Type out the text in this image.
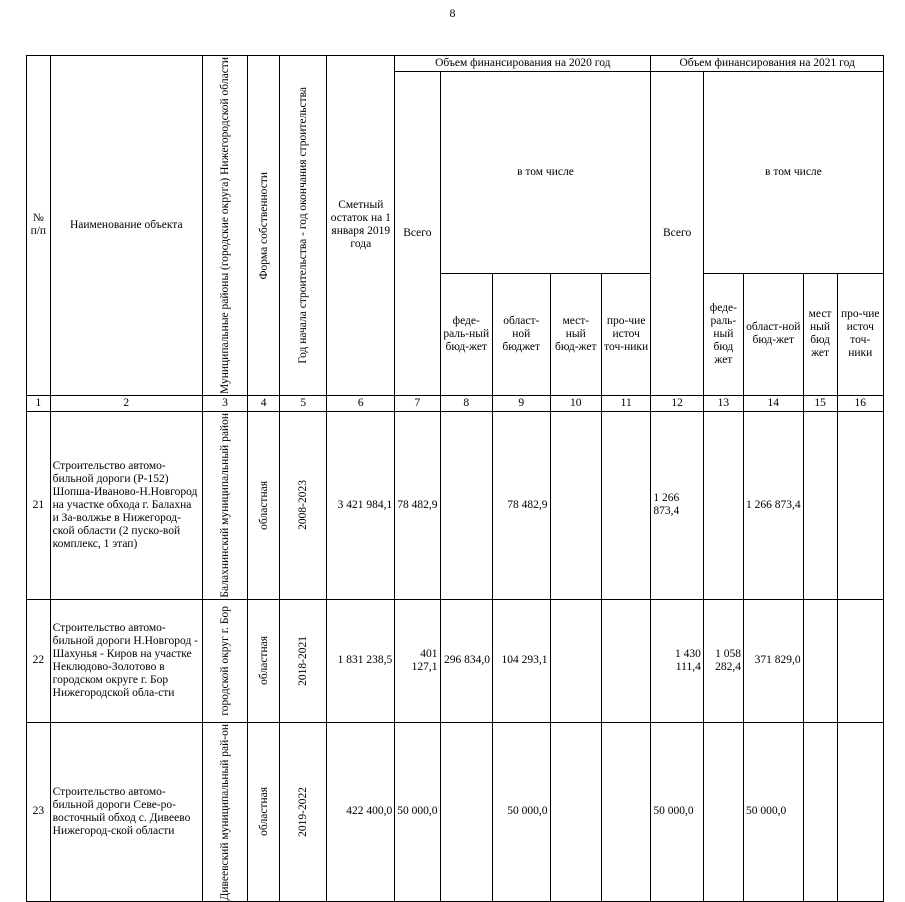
8
№ п/п	Наименование объекта	Муниципальные районы (городские округа) Нижегородской области	Форма собственности	Год начала строительства - год окончания строительства	Сметный остаток на 1 января 2019 года	Объем финансирования на 2020 год					Объем финансирования на 2021 год				
						Всего	в том числе				Всего	в том числе			
							феде-раль-ный бюд-жет	област-ной бюджет	мест-ный бюд-жет	про-чие источ точ-ники		феде-раль-ный бюд жет	област-ной бюд-жет	мест ный бюд жет	про-чие источ точ-ники
1	2	3	4	5	6	7	8	9	10	11	12	13	14	15	16
21	Строительство автомо-бильной дороги (Р-152) Шопша-Иваново-Н.Новгород на участке обхода г. Балахна и За-волжье в Нижегород-ской области (2 пуско-вой комплекс, 1 этап)	Балахнинский муниципальный район	областная	2008-2023	3 421 984,1	78 482,9		78 482,9			1 266 873,4		1 266 873,4		
22	Строительство автомо-бильной дороги Н.Новгород - Шахунья - Киров на участке Неклюдово-Золотово в городском округе г. Бор Нижегородской обла-сти	городской округ г. Бор	областная	2018-2021	1 831 238,5	401 127,1	296 834,0	104 293,1			1 430 111,4	1 058 282,4	371 829,0		
23	Строительство автомо-бильной дороги Севе-ро-восточный обход с. Дивеево Нижегород-ской области	Дивеевский муниципальный рай-он	областная	2019-2022	422 400,0	50 000,0		50 000,0			50 000,0		50 000,0		
